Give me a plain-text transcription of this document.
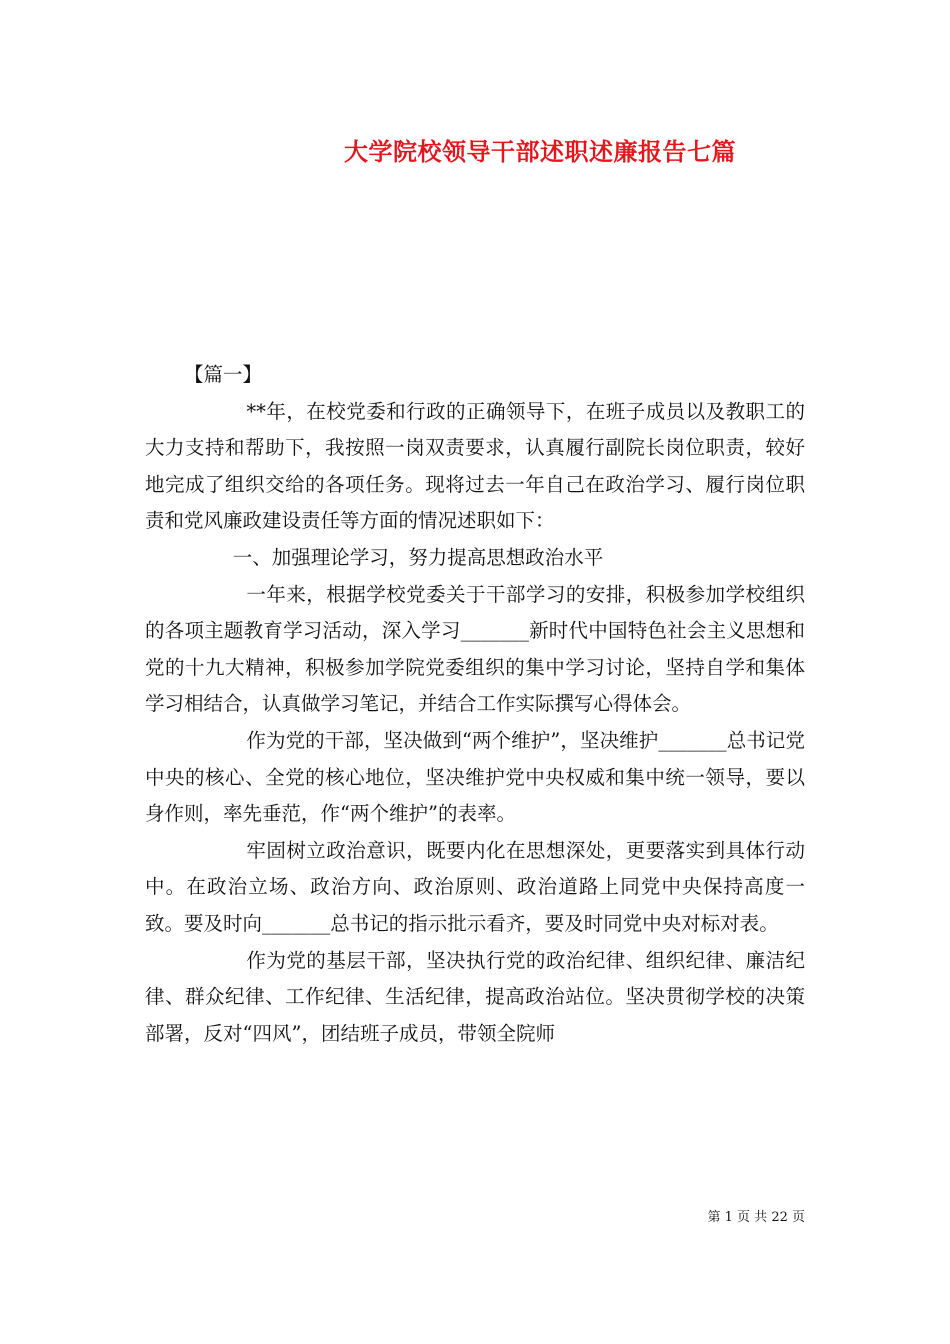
大学院校领导干部述职述廉报告七篇

【篇一】

**年，在校党委和行政的正确领导下，在班子成员以及教职工的大力支持和帮助下，我按照一岗双责要求，认真履行副院长岗位职责，较好地完成了组织交给的各项任务。现将过去一年自己在政治学习、履行岗位职责和党风廉政建设责任等方面的情况述职如下：

一、加强理论学习，努力提高思想政治水平

一年来，根据学校党委关于干部学习的安排，积极参加学校组织的各项主题教育学习活动，深入学习_______新时代中国特色社会主义思想和党的十九大精神，积极参加学院党委组织的集中学习讨论，坚持自学和集体学习相结合，认真做学习笔记，并结合工作实际撰写心得体会。

作为党的干部，坚决做到“两个维护”，坚决维护_______总书记党中央的核心、全党的核心地位，坚决维护党中央权威和集中统一领导，要以身作则，率先垂范，作“两个维护”的表率。

牢固树立政治意识，既要内化在思想深处，更要落实到具体行动中。在政治立场、政治方向、政治原则、政治道路上同党中央保持高度一致。要及时向_______总书记的指示批示看齐，要及时同党中央对标对表。

作为党的基层干部，坚决执行党的政治纪律、组织纪律、廉洁纪律、群众纪律、工作纪律、生活纪律，提高政治站位。坚决贯彻学校的决策部署，反对“四风”，团结班子成员，带领全院师

第 1 页 共 22 页
